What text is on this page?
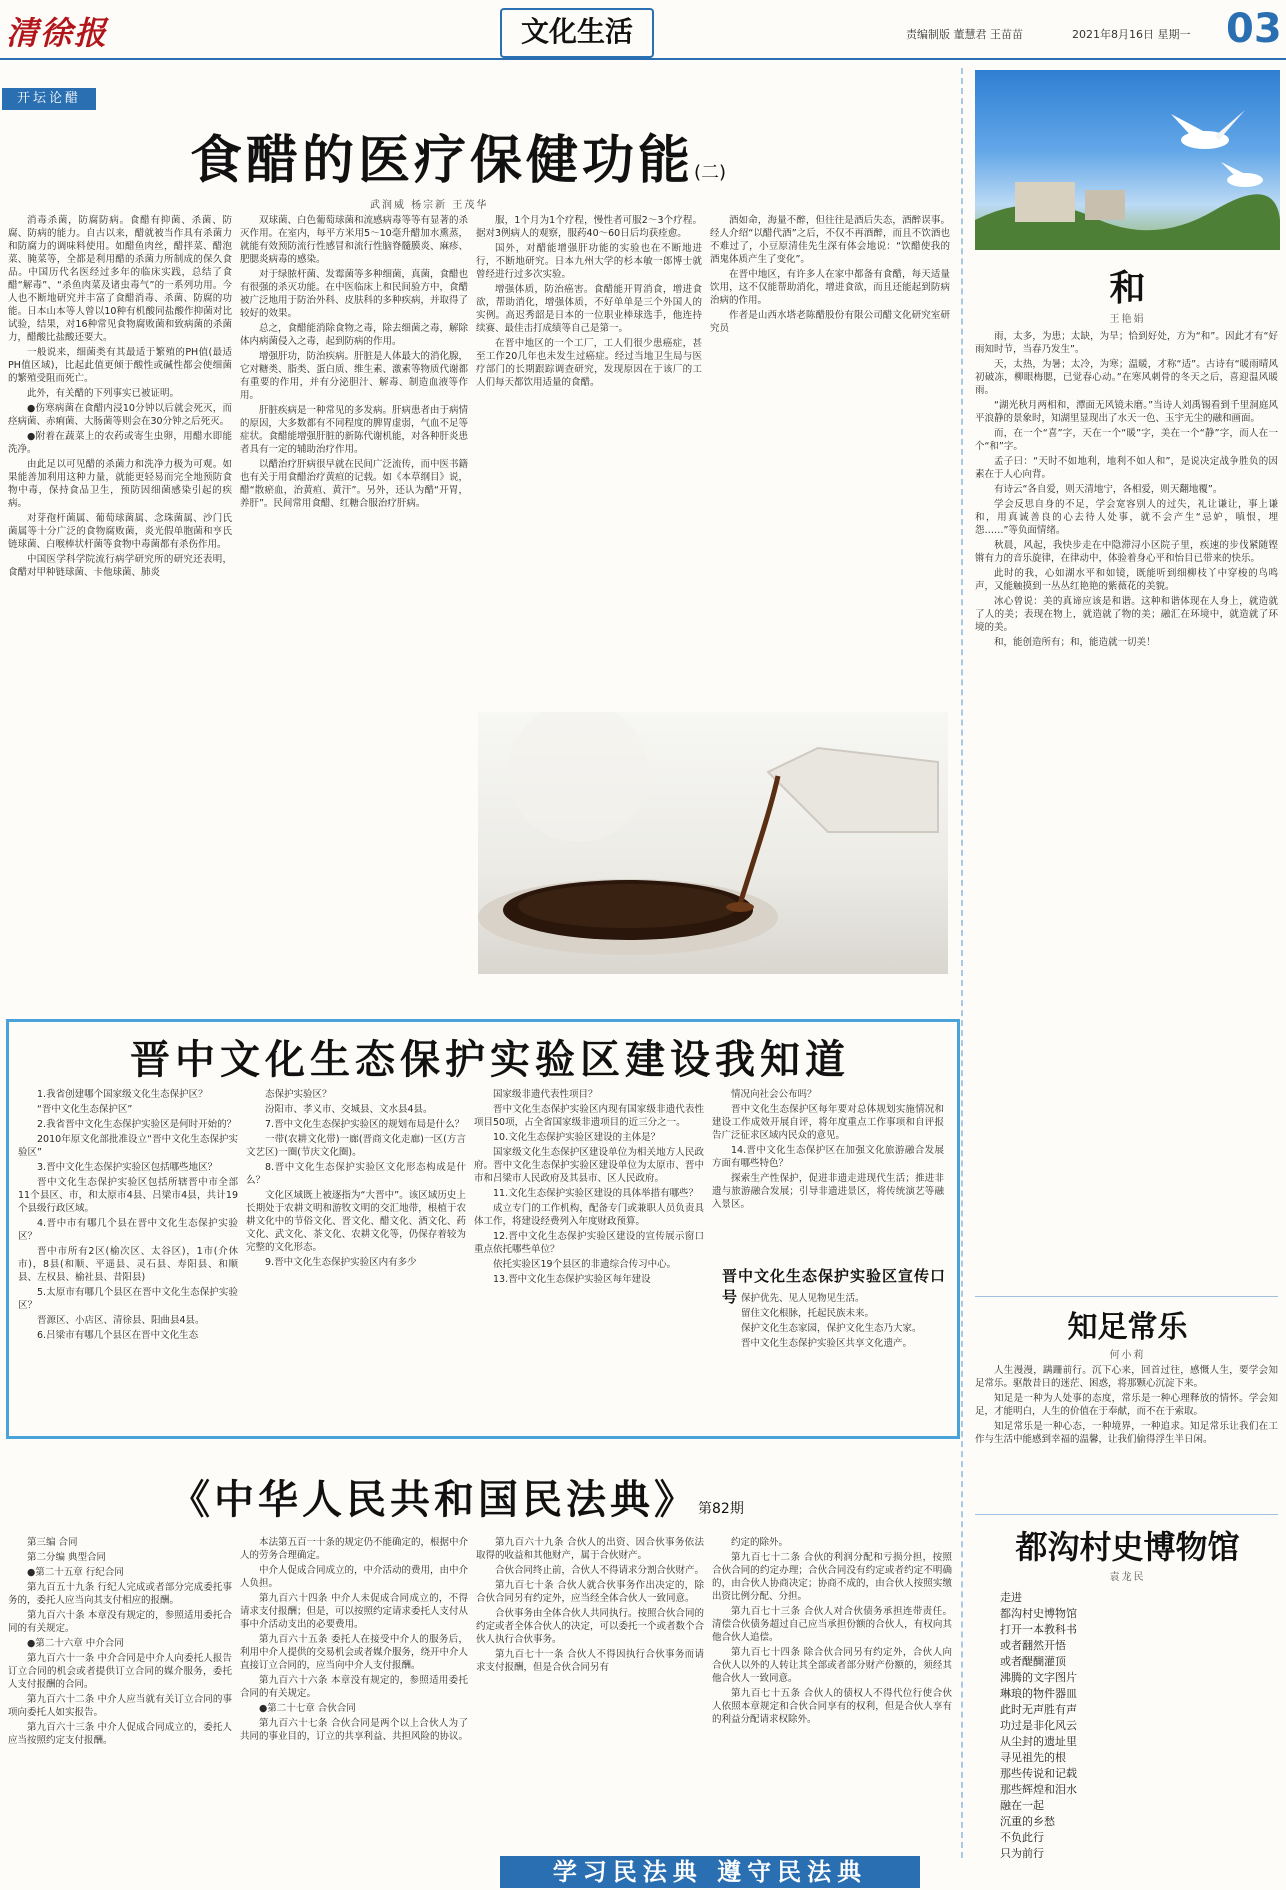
清徐报	文化生活	责编制版 董慧君 王苗苗	2021年8月16日 星期一 03
开坛论醋
食醋的医疗保健功能(二)
武润威 杨宗新 王茂华

消毒杀菌，防腐防病。食醋有抑菌、杀菌、防腐、防病的能力。自古以来，醋就被当作具有杀菌力和防腐力的调味料使用。如醋鱼肉丝，醋拌菜、醋泡菜、腌菜等，全都是利用醋的杀菌力所制成的保久食品。中国历代名医经过多年的临床实践，总结了食醋“解毒”、“杀鱼肉菜及诸虫毒气”的一系列功用。今人也不断地研究并丰富了食醋消毒、杀菌、防腐的功能。日本山本等人曾以10种有机酸同盐酸作抑菌对比试验，结果，对16种常见食物腐败菌和致病菌的杀菌力，醋酸比盐酸还要大。

一般说来，细菌类有其最适于繁殖的PH值(最适PH值区域)，比起此值更倾于酸性或碱性都会使细菌的繁殖受阻而死亡。

此外，有关醋的下列事实已被证明。

●伤寒病菌在食醋内浸10分钟以后就会死灭，而痉病菌、赤痢菌、大肠菌等则会在30分钟之后死灭。

●附着在蔬菜上的农药或寄生虫卵，用醋水即能洗净。

由此足以可见醋的杀菌力和洗净力极为可观。如果能善加利用这种力量，就能更轻易而完全地预防食物中毒，保持食品卫生，预防因细菌感染引起的疾病。

对芽孢杆菌属、葡萄球菌属、念珠菌属、沙门氏菌属等十分广泛的食物腐败菌，炎光假单胞菌和亨氏链球菌、白喉棒状杆菌等食物中毒菌都有杀伤作用。

中国医学科学院流行病学研究所的研究还表明，食醋对甲种链球菌、卡他球菌、肺炎

双球菌、白色葡萄球菌和流感病毒等等有显著的杀灭作用。在室内，每平方米用5～10毫升醋加水熏蒸，就能有效预防流行性感冒和流行性脑脊髓膜炎、麻疹、肥腮炎病毒的感染。

对于绿脓杆菌、发霉菌等多种细菌，真菌，食醋也有很强的杀灭功能。在中医临床上和民间验方中，食醋被广泛地用于防治外科、皮肤科的多种疾病，并取得了较好的效果。

总之，食醋能消除食物之毒，除去细菌之毒，解除体内病菌侵入之毒，起到防病的作用。

增强肝功，防治疾病。肝脏是人体最大的消化腺，它对糖类、脂类、蛋白质、维生素、激素等物质代谢都有重要的作用，并有分泌胆汁、解毒、制造血液等作用。

肝脏疾病是一种常见的多发病。肝病患者由于病情的原因，大多数都有不同程度的脾胃虚弱，气血不足等症状。食醋能增强肝脏的新陈代谢机能，对各种肝炎患者具有一定的辅助治疗作用。

以醋治疗肝病很早就在民间广泛流传，而中医书籍也有关于用食醋治疗黄疸的记载。如《本草纲目》说，醋“散瘀血，治黄疸、黄汗”。另外，还认为醋“开胃，养肝”。民间常用食醋、红糖合服治疗肝病。

服，1个月为1个疗程，慢性者可服2～3个疗程。据对3例病人的观察，服药40～60日后均获痊愈。

国外，对醋能增强肝功能的实验也在不断地进行，不断地研究。日本九州大学的杉本敏一郎博士就曾经进行过多次实验。

增强体质，防治癌害。食醋能开胃消食，增进食欲，帮助消化，增强体质，不好单单是三个外国人的实例。高迟秀韶是日本的一位职业棒球选手，他连持续赛、最佳击打成绩等自己是第一。

在晋中地区的一个工厂，工人们很少患癌症，甚至工作20几年也未发生过癌症。经过当地卫生局与医疗部门的长期跟踪调查研究，发现原因在于该厂的工人们每天都饮用适量的食醋。

酒如命，海量不醉，但往往是酒后失态，酒醉误事。经人介绍“以醋代酒”之后，不仅不再酒醉，而且不饮酒也不难过了，小豆原清佳先生深有体会地说：“饮醋使我的酒鬼体质产生了变化”。

在晋中地区，有许多人在家中都备有食醋，每天适量饮用，这不仅能帮助消化，增进食欲，而且还能起到防病治病的作用。

作者是山西水塔老陈醋股份有限公司醋文化研究室研究员

晋中文化生态保护实验区建设我知道

1.我省创建哪个国家级文化生态保护区？

“晋中文化生态保护区”

2.我省晋中文化生态保护实验区是何时开始的？

2010年原文化部批准设立“晋中文化生态保护实验区”

3.晋中文化生态保护实验区包括哪些地区？

晋中文化生态保护实验区包括所辖晋中市全部11个县区、市，和太原市4县、吕梁市4县，共计19个县级行政区域。

4.晋中市有哪几个县在晋中文化生态保护实验区？

晋中市所有2区(榆次区、太谷区)，1市(介休市)，8县(和顺、平遥县、灵石县、寿阳县、和顺县、左权县、榆社县、昔阳县)

5.太原市有哪几个县区在晋中文化生态保护实验区？

晋源区、小店区、清徐县、阳曲县4县。

6.吕梁市有哪几个县区在晋中文化生态

态保护实验区？

汾阳市、孝义市、交城县、文水县4县。

7.晋中文化生态保护实验区的规划布局是什么？

一带(农耕文化带)一廊(晋商文化走廊)一区(方言文艺区)一圈(节庆文化圈)。

8.晋中文化生态保护实验区文化形态构成是什么？

文化区域既上被逐指为“大晋中”。该区域历史上长期处于农耕文明和游牧文明的交汇地带，根植于农耕文化中的节俗文化、晋文化、醋文化、酒文化、药文化、武文化、茶文化、农耕文化等，仍保存着较为完整的文化形态。

9.晋中文化生态保护实验区内有多少

国家级非遗代表性项目？

晋中文化生态保护实验区内现有国家级非遗代表性项目50项，占全省国家级非遗项目的近三分之一。

10.文化生态保护实验区建设的主体是？

国家级文化生态保护区建设单位为相关地方人民政府。晋中文化生态保护实验区建设单位为太原市、晋中市和吕梁市人民政府及其县市、区人民政府。

11.文化生态保护实验区建设的具体举措有哪些？

成立专门的工作机构，配备专门或兼职人员负责具体工作，将建设经费列入年度财政预算。

12.晋中文化生态保护实验区建设的宣传展示窗口重点依托哪些单位？

依托实验区19个县区的非遗综合传习中心。

13.晋中文化生态保护实验区每年建设

情况向社会公布吗？

晋中文化生态保护区每年要对总体规划实施情况和建设工作成效开展自评，将年度重点工作事项和自评报告广泛征求区域内民众的意见。

14.晋中文化生态保护区在加强文化旅游融合发展方面有哪些特色？

探索生产性保护，促进非遗走进现代生活；推进非遗与旅游融合发展；引导非遗进景区，将传统演艺等融入景区。

晋中文化生态保护实验区宣传口号 保护优先、见人见物见生活。

留住文化根脉，托起民族未来。

保护文化生态家园，保护文化生态乃大家。

晋中文化生态保护实验区共享文化遗产。

《中华人民共和国民法典》第82期

第三编 合同

第二分编 典型合同

●第二十五章 行纪合同

第九百五十九条 行纪人完成或者部分完成委托事务的，委托人应当向其支付相应的报酬。

第九百六十条 本章没有规定的，参照适用委托合同的有关规定。

●第二十六章 中介合同

第九百六十一条 中介合同是中介人向委托人报告订立合同的机会或者提供订立合同的媒介服务，委托人支付报酬的合同。

第九百六十二条 中介人应当就有关订立合同的事项向委托人如实报告。

第九百六十三条 中介人促成合同成立的，委托人应当按照约定支付报酬。

本法第五百一十条的规定仍不能确定的，根据中介人的劳务合理确定。

中介人促成合同成立的，中介活动的费用，由中介人负担。

第九百六十四条 中介人未促成合同成立的，不得请求支付报酬；但是，可以按照约定请求委托人支付从事中介活动支出的必要费用。

第九百六十五条 委托人在接受中介人的服务后，利用中介人提供的交易机会或者媒介服务，绕开中介人直接订立合同的，应当向中介人支付报酬。

第九百六十六条 本章没有规定的，参照适用委托合同的有关规定。

●第二十七章 合伙合同

第九百六十七条 合伙合同是两个以上合伙人为了共同的事业目的，订立的共享利益、共担风险的协议。

第九百六十九条 合伙人的出资、因合伙事务依法取得的收益和其他财产，属于合伙财产。

合伙合同终止前，合伙人不得请求分割合伙财产。

第九百七十条 合伙人就合伙事务作出决定的，除合伙合同另有约定外，应当经全体合伙人一致同意。

合伙事务由全体合伙人共同执行。按照合伙合同的约定或者全体合伙人的决定，可以委托一个或者数个合伙人执行合伙事务。

第九百七十一条 合伙人不得因执行合伙事务而请求支付报酬，但是合伙合同另有

约定的除外。

第九百七十二条 合伙的利润分配和亏损分担，按照合伙合同的约定办理；合伙合同没有约定或者约定不明确的，由合伙人协商决定；协商不成的，由合伙人按照实缴出资比例分配、分担。

第九百七十三条 合伙人对合伙债务承担连带责任。清偿合伙债务超过自己应当承担份额的合伙人，有权向其他合伙人追偿。

第九百七十四条 除合伙合同另有约定外，合伙人向合伙人以外的人转让其全部或者部分财产份额的，须经其他合伙人一致同意。

第九百七十五条 合伙人的债权人不得代位行使合伙人依照本章规定和合伙合同享有的权利，但是合伙人享有的利益分配请求权除外。

学习民法典 遵守民法典
和
王艳娟

雨，太多，为患；太缺，为旱；恰到好处，方为“和”。因此才有“好雨知时节，当春乃发生”。

天，太热，为暑；太冷，为寒；温暖，才称“适”。古诗有“暖雨晴风初破冻，柳眼梅腮，已觉春心动。”在寒风刺骨的冬天之后，喜迎温风暖雨。

“湖光秋月两相和，潭面无风镜未磨。”当诗人刘禹锡看到千里洞庭风平浪静的景象时，知湖里显现出了水天一色、玉宇无尘的融和画面。

而，在一个“喜”字，天在一个“暖”字，美在一个“静”字，而人在一个“和”字。

孟子曰：“天时不如地利，地利不如人和”，是说决定战争胜负的因素在于人心向背。

有诗云“各自爱，则天清地宁，各相爱，则天翻地覆”。

学会反思自身的不足，学会宽容别人的过失，礼让谦让，事上谦和，用真诚善良的心去待人处事，就不会产生“忌妒，嗔恨，埋怨……”等负面情绪。

秋晨，风起，我快步走在中隐滞浔小区院子里，疾速的步伐紧随铿锵有力的音乐旋律，在律动中，体验着身心平和怡目已带来的快乐。

此时的我，心如湖水平和如镜，既能听到细柳枝丫中穿梭的鸟鸣声，又能触摸到一丛丛红艳艳的紫薇花的美貌。

冰心曾说：美的真谛应该是和谐。这种和谐体现在人身上，就造就了人的美；表现在物上，就造就了物的美；融汇在环境中，就造就了环境的美。

和，能创造所有；和，能造就一切美！

知足常乐
何小莉

人生漫漫，蹒跚前行。沉下心来，回首过往，感慨人生，要学会知足常乐。驱散昔日的迷茫、困惑，将那颗心沉淀下来。

知足是一种为人处事的态度，常乐是一种心理释放的情怀。学会知足，才能明白，人生的价值在于奉献，而不在于索取。

知足常乐是一种心态，一种境界，一种追求。知足常乐让我们在工作与生活中能感到幸福的温馨，让我们偷得浮生半日闲。

都沟村史博物馆
袁龙民
走进
都沟村史博物馆
打开一本教科书
或者翻然开悟
或者醍醐灌顶
沸腾的文字图片
琳琅的物件器皿
此时无声胜有声
功过是非化风云
从尘封的遗址里
寻见祖先的根
那些传说和记载
那些辉煌和泪水
融在一起
沉重的乡愁
不负此行
只为前行
